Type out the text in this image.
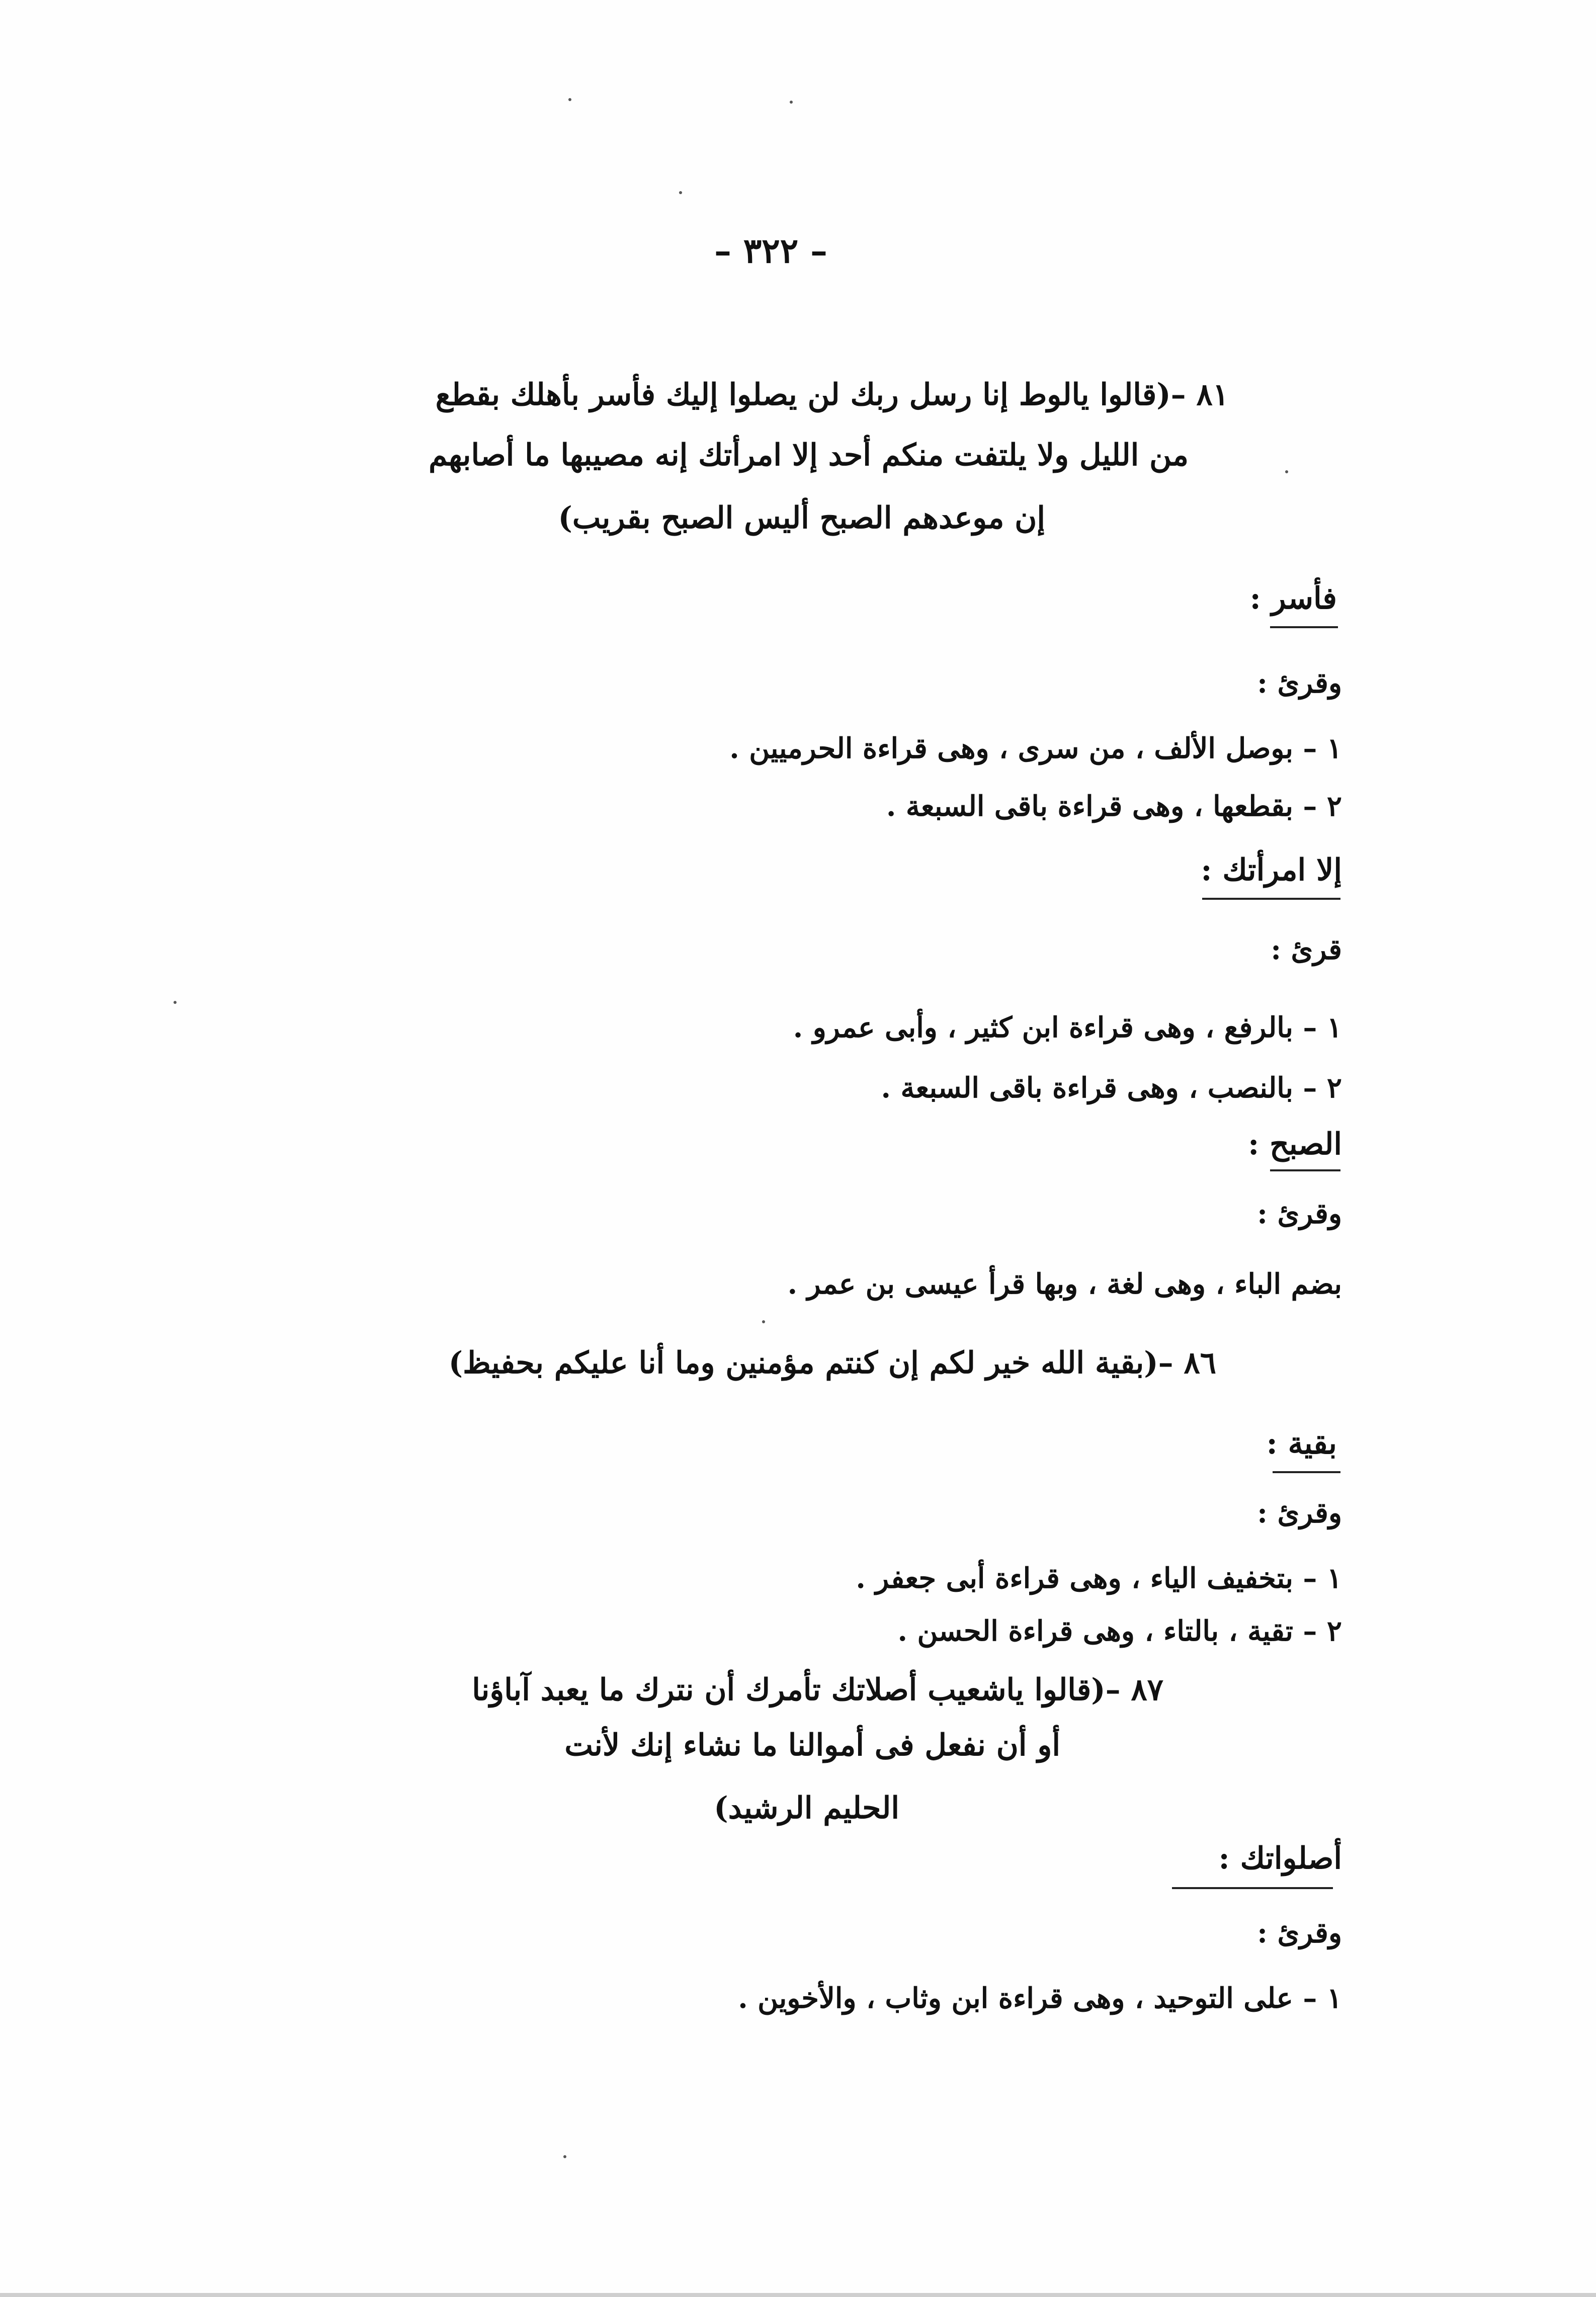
– ٣٢٢ –
٨١ –(قالوا يالوط إنا رسل ربك لن يصلوا إليك فأسر بأهلك بقطع
من الليل ولا يلتفت منكم أحد إلا امرأتك إنه مصيبها ما أصابهم
إن موعدهم الصبح أليس الصبح بقريب)
فأسر :
وقرئ :
١ – بوصل الألف ، من سرى ، وهى قراءة الحرميين .
٢ – بقطعها ، وهى قراءة باقى السبعة .
إلا امرأتك :
قرئ :
١ – بالرفع ، وهى قراءة ابن كثير ، وأبى عمرو .
٢ – بالنصب ، وهى قراءة باقى السبعة .
الصبح :
وقرئ :
بضم الباء ، وهى لغة ، وبها قرأ عيسى بن عمر .
٨٦ –(بقية الله خير لكم إن كنتم مؤمنين وما أنا عليكم بحفيظ)
بقية :
وقرئ :
١ – بتخفيف الياء ، وهى قراءة أبى جعفر .
٢ – تقية ، بالتاء ، وهى قراءة الحسن .
٨٧ –(قالوا ياشعيب أصلاتك تأمرك أن نترك ما يعبد آباؤنا
أو أن نفعل فى أموالنا ما نشاء إنك لأنت
الحليم الرشيد)
أصلواتك :
وقرئ :
١ – على التوحيد ، وهى قراءة ابن وثاب ، والأخوين .
